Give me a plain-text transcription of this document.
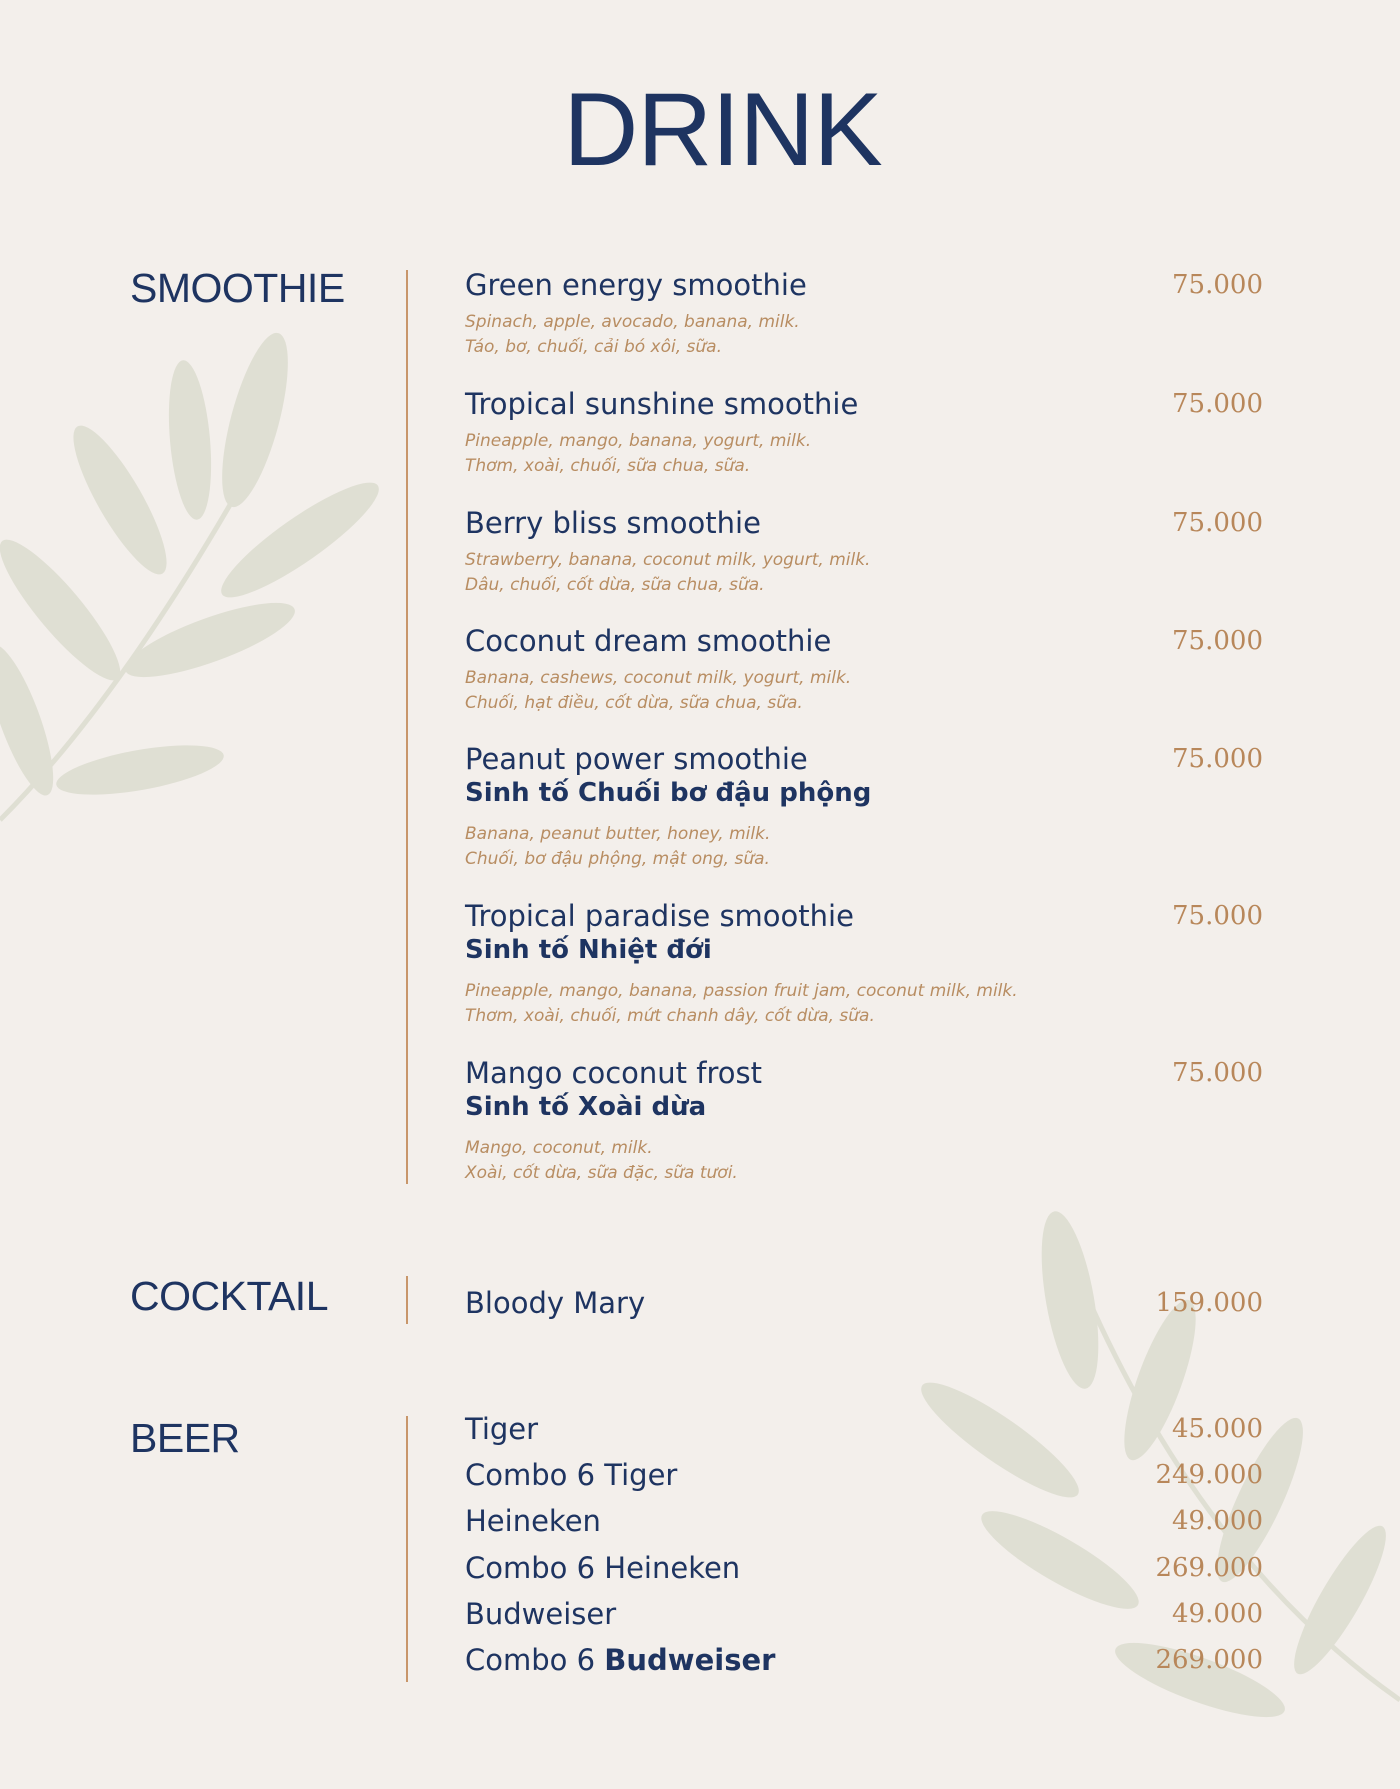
DRINK
SMOOTHIE	Green energy smoothie
Spinach, apple, avocado, banana, milk.
Táo, bơ, chuối, cải bó xôi, sữa.
75.000
Tropical sunshine smoothie
Pineapple, mango, banana, yogurt, milk.
Thơm, xoài, chuối, sữa chua, sữa.
75.000
Berry bliss smoothie
Strawberry, banana, coconut milk, yogurt, milk.
Dâu, chuối, cốt dừa, sữa chua, sữa.
75.000
Coconut dream smoothie
Banana, cashews, coconut milk, yogurt, milk.
Chuối, hạt điều, cốt dừa, sữa chua, sữa.
75.000
Peanut power smoothie
Sinh tố Chuối bơ đậu phộng
Banana, peanut butter, honey, milk.
Chuối, bơ đậu phộng, mật ong, sữa.
75.000
Tropical paradise smoothie
Sinh tố Nhiệt đới
Pineapple, mango, banana, passion fruit jam, coconut milk, milk.
Thơm, xoài, chuối, mứt chanh dây, cốt dừa, sữa.
75.000
Mango coconut frost
Sinh tố Xoài dừa
Mango, coconut, milk.
Xoài, cốt dừa, sữa đặc, sữa tươi.
75.000
COCKTAIL	Bloody Mary	159.000
BEER	Tiger	45.000
Combo 6 Tiger	249.000
Heineken	49.000
Combo 6 Heineken	269.000
Budweiser	49.000
Combo 6 Budweiser	269.000
